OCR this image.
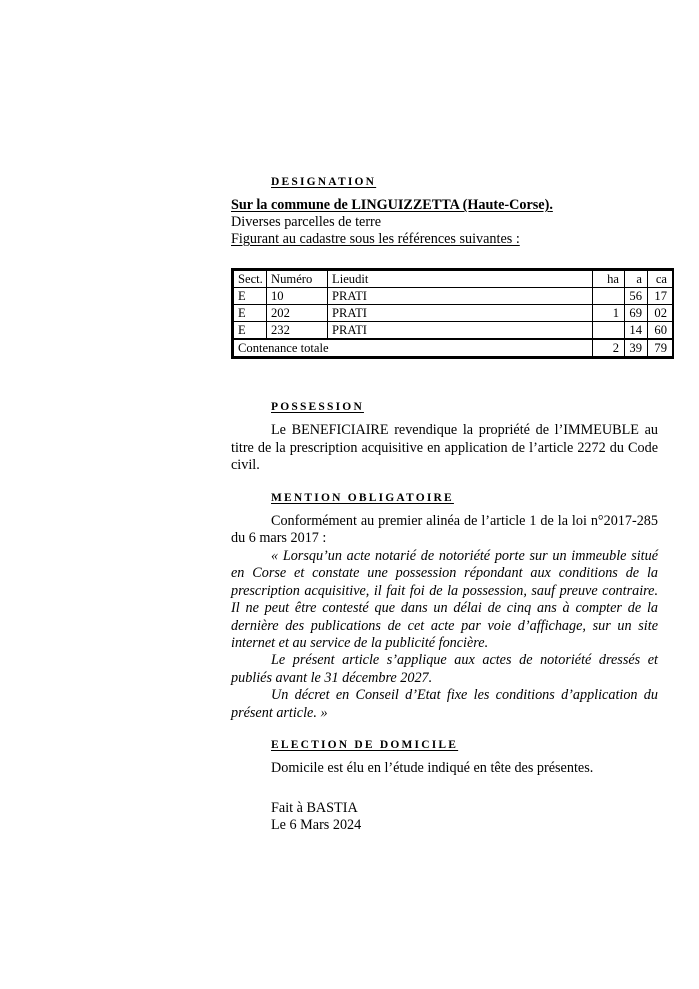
DESIGNATION

Sur la commune de LINGUIZZETTA (Haute-Corse).

Diverses parcelles de terre

Figurant au cadastre sous les références suivantes :

Sect.	Numéro	Lieudit	ha	a	ca
E	10	PRATI		56	17
E	202	PRATI	1	69	02
E	232	PRATI		14	60
Contenance totale			2	39	79
POSSESSION

Le BENEFICIAIRE revendique la propriété de l’IMMEUBLE au titre de la prescription acquisitive en application de l’article 2272 du Code civil.

MENTION OBLIGATOIRE

Conformément au premier alinéa de l’article 1 de la loi n°2017-285 du 6 mars 2017 :

« Lorsqu’un acte notarié de notoriété porte sur un immeuble situé en Corse et constate une possession répondant aux conditions de la prescription acquisitive, il fait foi de la possession, sauf preuve contraire. Il ne peut être contesté que dans un délai de cinq ans à compter de la dernière des publications de cet acte par voie d’affichage, sur un site internet et au service de la publicité foncière.

Le présent article s’applique aux actes de notoriété dressés et publiés avant le 31 décembre 2027.

Un décret en Conseil d’Etat fixe les conditions d’application du présent article. »

ELECTION DE DOMICILE

Domicile est élu en l’étude indiqué en tête des présentes.

Fait à BASTIA

Le 6 Mars 2024
